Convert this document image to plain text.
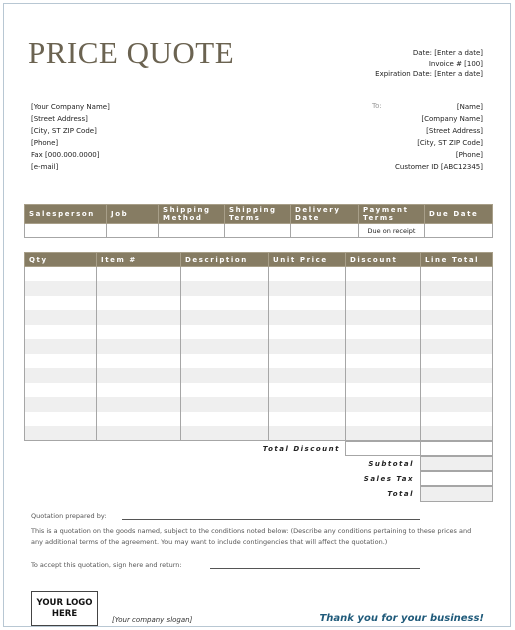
PRICE QUOTE	Date: [Enter a date]
Invoice # [100]
Expiration Date: [Enter a date]
[Your Company Name]
[Street Address]
[City, ST ZIP Code]
[Phone]
Fax [000.000.0000]
[e-mail]
To:	[Name]
[Company Name]
[Street Address]
[City, ST ZIP Code]
[Phone]
Customer ID [ABC12345]
Salesperson	Job	Shipping Method	Shipping Terms	Delivery Date	Payment Terms	Due Date
					Due on receipt	
Qty	Item #	Description	Unit Price	Discount	Line Total

Total Discount
Subtotal
Sales Tax
Total
Quotation prepared by:
This is a quotation on the goods named, subject to the conditions noted below: (Describe any conditions pertaining to these prices and any additional terms of the agreement. You may want to include contingencies that will affect the quotation.)
To accept this quotation, sign here and return:
YOUR LOGO HERE
[Your company slogan]	Thank you for your business!
